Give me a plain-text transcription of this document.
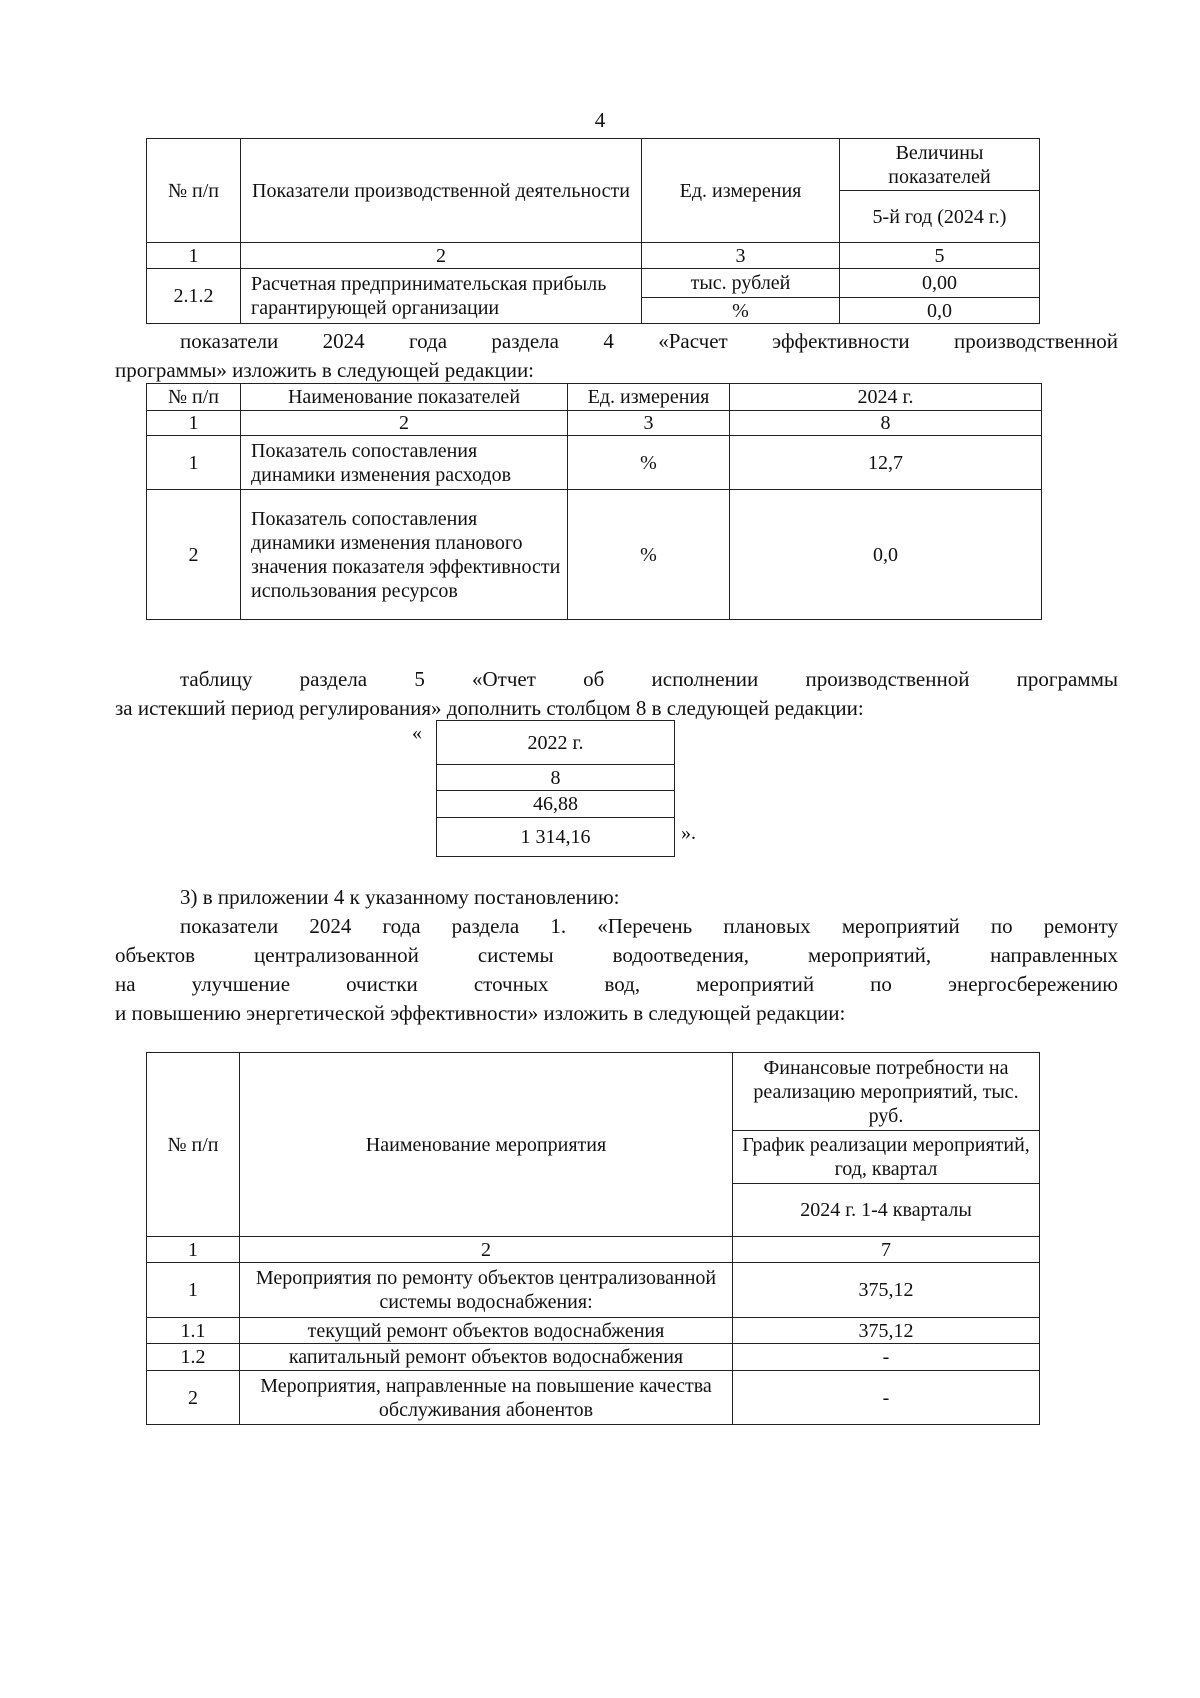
4
№ п/п	Показатели производственной деятельности	Ед. измерения	Величины показателей
			5-й год (2024 г.)
1	2	3	5
2.1.2	Расчетная предпринимательская прибыль гарантирующей организации	тыс. рублей	0,00
		%	0,0
показатели 2024 года раздела 4 «Расчет эффективности производственной
программы» изложить в следующей редакции:
№ п/п	Наименование показателей	Ед. измерения	2024 г.
1	2	3	8
1	Показатель сопоставления динамики изменения расходов	%	12,7
2	Показатель сопоставления динамики изменения планового значения показателя эффективности использования ресурсов	%	0,0
таблицу раздела 5 «Отчет об исполнении производственной программы
за истекший период регулирования» дополнить столбцом 8 в следующей редакции:
«	2022 г.
8
46,88
1 314,16	».
3) в приложении 4 к указанному постановлению:
показатели 2024 года раздела 1. «Перечень плановых мероприятий по ремонту
объектов централизованной системы водоотведения, мероприятий, направленных
на улучшение очистки сточных вод, мероприятий по энергосбережению
и повышению энергетической эффективности» изложить в следующей редакции:
№ п/п	Наименование мероприятия	Финансовые потребности на реализацию мероприятий, тыс. руб.
		График реализации мероприятий, год, квартал
		2024 г. 1-4 кварталы
1	2	7
1	Мероприятия по ремонту объектов централизованной системы водоснабжения:	375,12
1.1	текущий ремонт объектов водоснабжения	375,12
1.2	капитальный ремонт объектов водоснабжения	-
2	Мероприятия, направленные на повышение качества обслуживания абонентов	-
